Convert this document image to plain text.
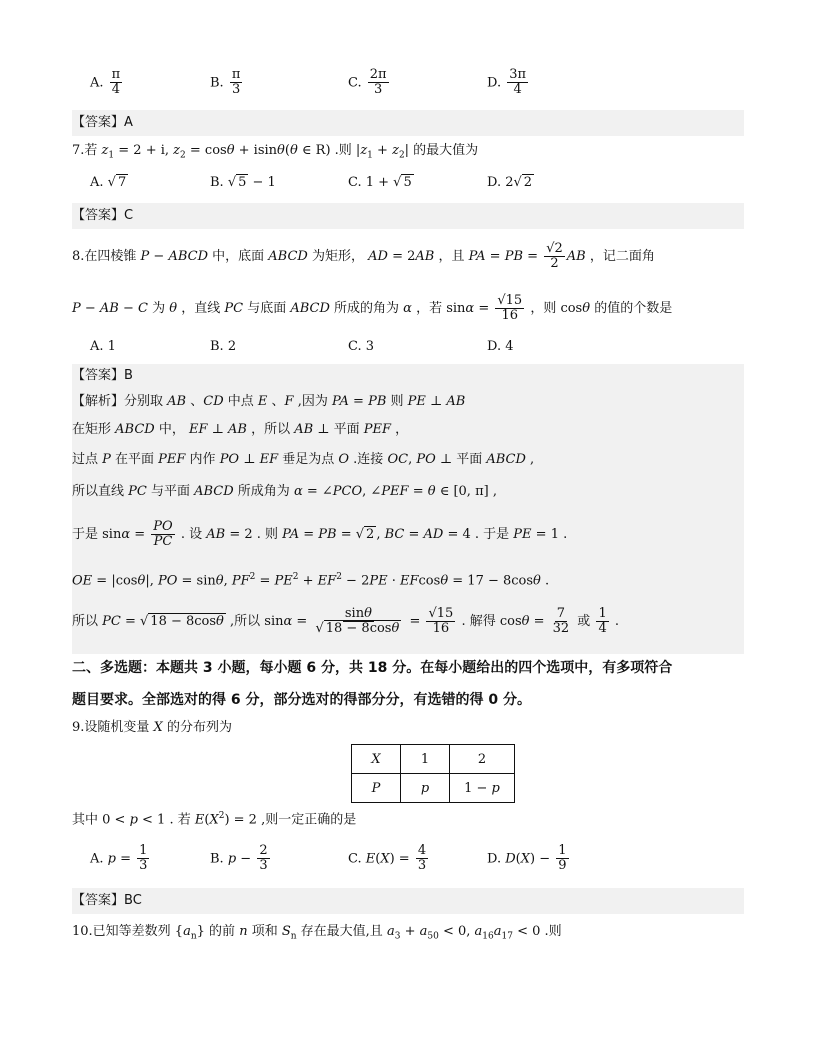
A. $\frac{\pi}{4}$	B. $\frac{\pi}{3}$	C. $\frac{2\pi}{3}$	D. $\frac{3\pi}{4}$
【答案】A
7.若 $z_1 = 2 + i$, $z_2 = \cos\theta + isin\theta(\theta$ ∈ R) .则 $|z_1 + z_2|$ 的最大值为
A. √ 7	B. √ 5 − 1	C. 1 + √ 5	D. 2√ 2
【答案】C
8.在四棱锥 P − ABCD 中，底面 ABCD 为矩形， AD = 2AB ，且 PA = PB = $\frac{√2}{2}$ AB ，记二面角
P − AB − C 为 θ ，直线 PC 与底面 ABCD 所成的角为 α ，若 $\sin\alpha = \frac{√15}{16}$ ，则 cosθ 的值的个数是
A. 1	B. 2	C. 3	D. 4
【答案】B
【解析】分别取 AB 、CD 中点 E 、F ,因为 PA = PB 则 PE ⊥ AB
在矩形 ABCD 中， EF ⊥ AB ，所以 AB ⊥ 平面 PEF ，
过点 P 在平面 PEF 内作 PO ⊥ EF 垂足为点 O .连接 OC, PO ⊥ 平面 ABCD ,
所以直线 PC 与平面 ABCD 所成角为 α = ∠PCO, ∠PEF = θ ∈ [0, π] ,
于是 $\sin\alpha = \frac{PO}{PC}$ . 设 AB = 2 . 则 PA = PB = √ 2 , BC = AD = 4 . 于是 PE = 1 .
OE = |cosθ|, PO = sinθ, $PF^2 = PE^2 + EF^2 - 2PE \cdot EFcos\theta = 17 - 8\cos\theta$ .
所以 PC = √ 18 − 8cosθ ,所以 $\sin\alpha = \frac{\sin\theta}{√ 18 - 8\cos\theta} = \frac{√15}{16}$ . 解得 $\cos\theta = \frac{7}{32}$ 或 $\frac{1}{4}$ .
二、多选题：本题共 3 小题，每小题 6 分，共 18 分。在每小题给出的四个选项中，有多项符合
题目要求。全部选对的得 6 分，部分选对的得部分分，有选错的得 0 分。
9.设随机变量 X 的分布列为
X	1	2
P	p	1 − p
其中 0 < p < 1 . 若 $E(X^2) = 2$ ,则一定正确的是
A. $p = \frac{1}{3}$	B. $p - \frac{2}{3}$	C. $E(X) = \frac{4}{3}$	D. $D(X) - \frac{1}{9}$
【答案】BC
10.已知等差数列 $\{a_n\}$ 的前 n 项和 $S_n$ 存在最大值,且 $a_3 + a_{50} < 0$, $a_{16}a_{17} < 0$ .则
